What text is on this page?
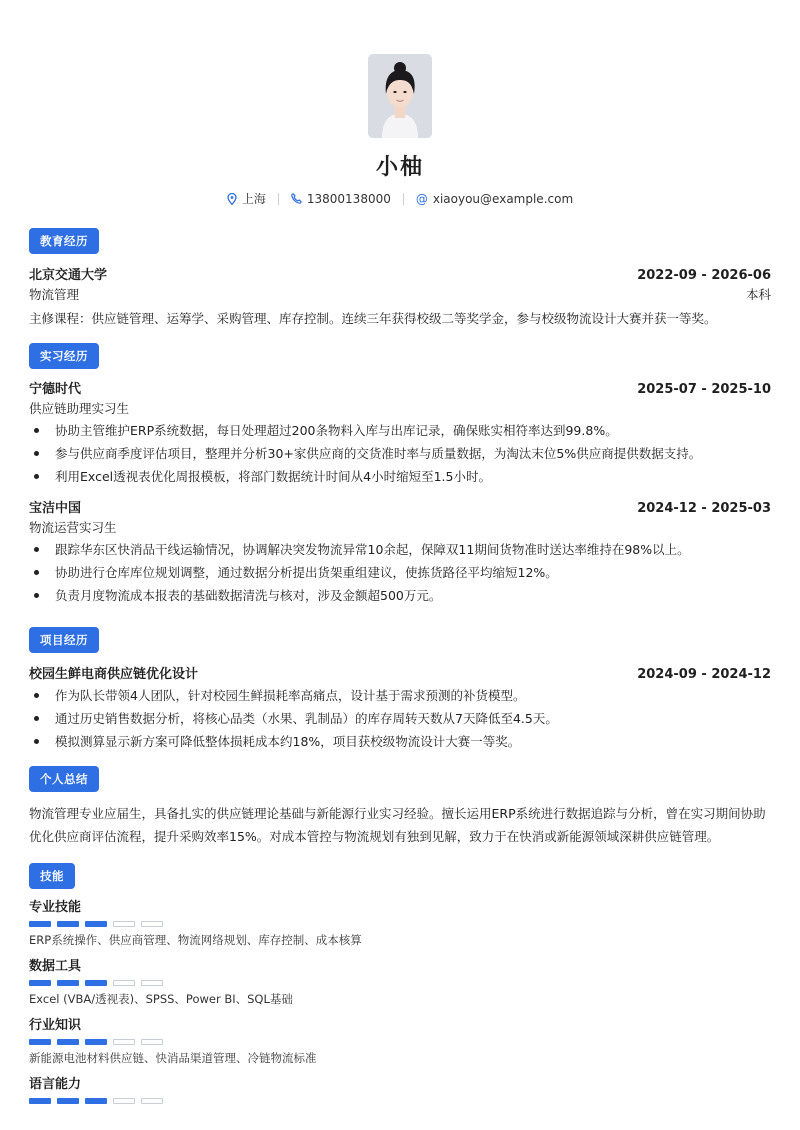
小柚
上海	13800138000 @ xiaoyou@example.com
教育经历
北京交通大学	2022-09 - 2026-06
物流管理	本科
主修课程：供应链管理、运筹学、采购管理、库存控制。连续三年获得校级二等奖学金，参与校级物流设计大赛并获一等奖。
实习经历
宁德时代	2025-07 - 2025-10
供应链助理实习生
协助主管维护ERP系统数据，每日处理超过200条物料入库与出库记录，确保账实相符率达到99.8%。
参与供应商季度评估项目，整理并分析30+家供应商的交货准时率与质量数据，为淘汰末位5%供应商提供数据支持。
利用Excel透视表优化周报模板，将部门数据统计时间从4小时缩短至1.5小时。
宝洁中国	2024-12 - 2025-03
物流运营实习生
跟踪华东区快消品干线运输情况，协调解决突发物流异常10余起，保障双11期间货物准时送达率维持在98%以上。
协助进行仓库库位规划调整，通过数据分析提出货架重组建议，使拣货路径平均缩短12%。
负责月度物流成本报表的基础数据清洗与核对，涉及金额超500万元。
项目经历
校园生鲜电商供应链优化设计	2024-09 - 2024-12
作为队长带领4人团队，针对校园生鲜损耗率高痛点，设计基于需求预测的补货模型。
通过历史销售数据分析，将核心品类（水果、乳制品）的库存周转天数从7天降低至4.5天。
模拟测算显示新方案可降低整体损耗成本约18%，项目获校级物流设计大赛一等奖。
个人总结
物流管理专业应届生，具备扎实的供应链理论基础与新能源行业实习经验。擅长运用ERP系统进行数据追踪与分析，曾在实习期间协助优化供应商评估流程，提升采购效率15%。对成本管控与物流规划有独到见解，致力于在快消或新能源领域深耕供应链管理。
技能
专业技能
ERP系统操作、供应商管理、物流网络规划、库存控制、成本核算
数据工具
Excel (VBA/透视表)、SPSS、Power BI、SQL基础
行业知识
新能源电池材料供应链、快消品渠道管理、冷链物流标准
语言能力
